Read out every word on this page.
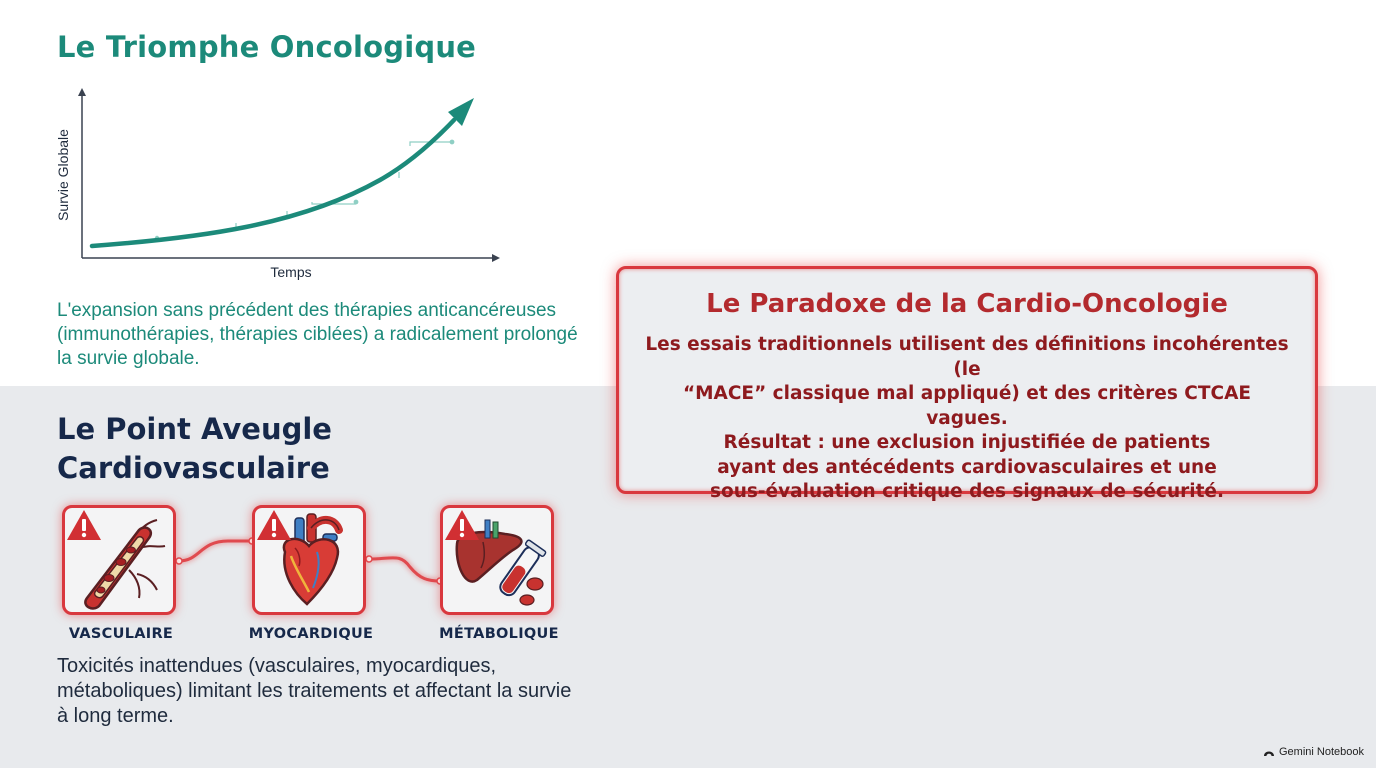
Le Triomphe Oncologique
Survie Globale
Temps

L'expansion sans précédent des thérapies anticancéreuses (immunothérapies, thérapies ciblées) a radicalement prolongé la survie globale.

Le Paradoxe de la Cardio-Oncologie

Les essais traditionnels utilisent des définitions incohérentes (le
“MACE” classique mal appliqué) et des critères CTCAE vagues.
Résultat : une exclusion injustifiée de patients
ayant des antécédents cardiovasculaires et une
sous-évaluation critique des signaux de sécurité.

Le Point Aveugle
Cardiovasculaire
VASCULAIRE	MYOCARDIQUE	MÉTABOLIQUE

Toxicités inattendues (vasculaires, myocardiques, métaboliques) limitant les traitements et affectant la survie à long terme.

Gemini Notebook
